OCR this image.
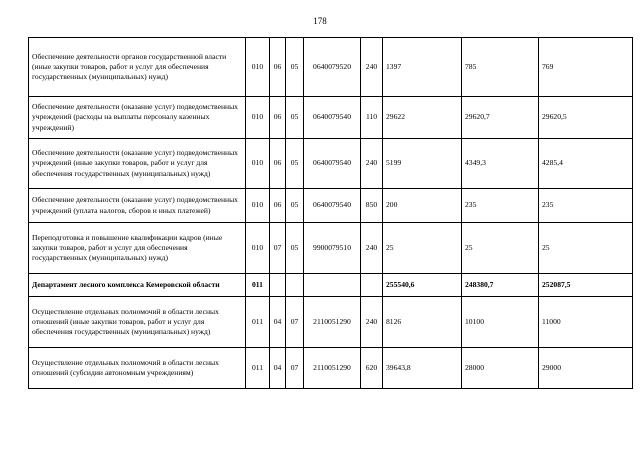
178
Обеспечение деятельности органов государственной власти (иные закупки товаров, работ и услуг для обеспечения государственных (муниципальных) нужд)	010	06	05	0640079520	240	1397	785	769
Обеспечение деятельности (оказание услуг) подведомственных учреждений (расходы на выплаты персоналу казенных учреждений)	010	06	05	0640079540	110	29622	29620,7	29620,5
Обеспечение деятельности (оказание услуг) подведомственных учреждений (иные закупки товаров, работ и услуг для обеспечения государственных (муниципальных) нужд)	010	06	05	0640079540	240	5199	4349,3	4285,4
Обеспечение деятельности (оказание услуг) подведомственных учреждений (уплата налогов, сборов и иных платежей)	010	06	05	0640079540	850	200	235	235
Переподготовка и повышение квалификации кадров (иные закупки товаров, работ и услуг для обеспечения государственных (муниципальных) нужд)	010	07	05	9900079510	240	25	25	25
Департамент лесного комплекса Кемеровской области	011					255540,6	248380,7	252087,5
Осуществление отдельных полномочий в области лесных отношений (иные закупки товаров, работ и услуг для обеспечения государственных (муниципальных) нужд)	011	04	07	2110051290	240	8126	10100	11000
Осуществление отдельных полномочий в области лесных отношений (субсидии автономным учреждениям)	011	04	07	2110051290	620	39643,8	28000	29000
